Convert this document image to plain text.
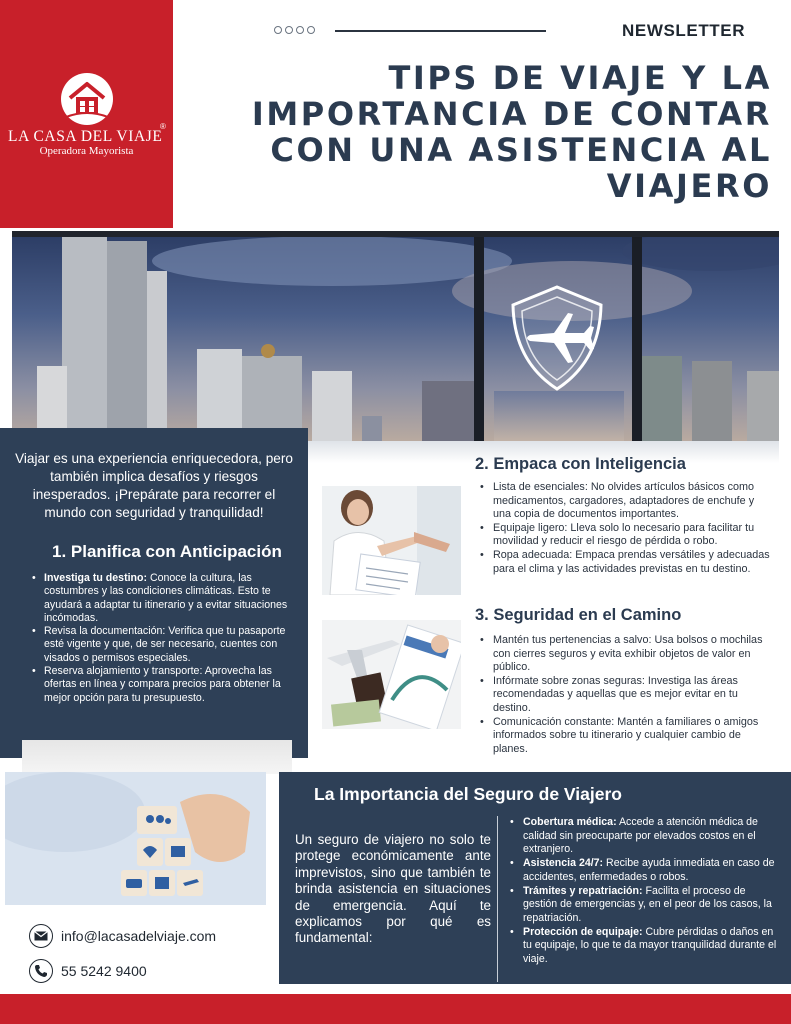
LA CASA DEL VIAJE
®
Operadora Mayorista
NEWSLETTER
TIPS DE VIAJE Y LA IMPORTANCIA DE CONTAR CON UNA ASISTENCIA AL VIAJERO
Viajar es una experiencia enriquecedora, pero también implica desafíos y riesgos inesperados. ¡Prepárate para recorrer el mundo con seguridad y tranquilidad!
1. Planifica con Anticipación
• Investiga tu destino: Conoce la cultura, las costumbres y las condiciones climáticas. Esto te ayudará a adaptar tu itinerario y a evitar situaciones incómodas.
• Revisa la documentación: Verifica que tu pasaporte esté vigente y que, de ser necesario, cuentes con visados o permisos especiales.
• Reserva alojamiento y transporte: Aprovecha las ofertas en línea y compara precios para obtener la mejor opción para tu presupuesto.
2. Empaca con Inteligencia
• Lista de esenciales: No olvides artículos básicos como medicamentos, cargadores, adaptadores de enchufe y una copia de documentos importantes.
• Equipaje ligero: Lleva solo lo necesario para facilitar tu movilidad y reducir el riesgo de pérdida o robo.
• Ropa adecuada: Empaca prendas versátiles y adecuadas para el clima y las actividades previstas en tu destino.
3. Seguridad en el Camino
• Mantén tus pertenencias a salvo: Usa bolsos o mochilas con cierres seguros y evita exhibir objetos de valor en público.
• Infórmate sobre zonas seguras: Investiga las áreas recomendadas y aquellas que es mejor evitar en tu destino.
• Comunicación constante: Mantén a familiares o amigos informados sobre tu itinerario y cualquier cambio de planes.
info@lacasadelviaje.com
55 5242 9400
La Importancia del Seguro de Viajero
Un seguro de viajero no solo te protege económicamente ante imprevistos, sino que también te brinda asistencia en situaciones de emergencia. Aquí te explicamos por qué es fundamental:
• Cobertura médica: Accede a atención médica de calidad sin preocuparte por elevados costos en el extranjero.
• Asistencia 24/7: Recibe ayuda inmediata en caso de accidentes, enfermedades o robos.
• Trámites y repatriación: Facilita el proceso de gestión de emergencias y, en el peor de los casos, la repatriación.
• Protección de equipaje: Cubre pérdidas o daños en tu equipaje, lo que te da mayor tranquilidad durante el viaje.
